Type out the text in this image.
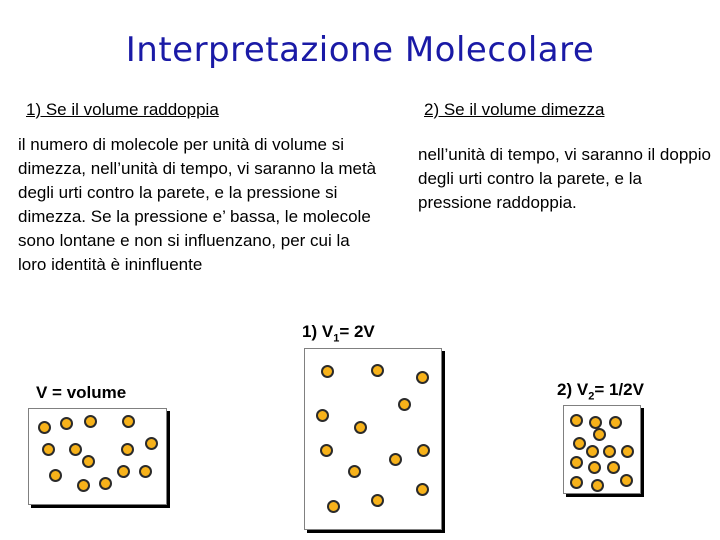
Interpretazione Molecolare
1) Se il volume raddoppia	2) Se il volume dimezza
il numero di molecole per unità di volume si dimezza, nell’unità di tempo, vi saranno la metà degli urti contro la parete, e la pressione si dimezza. Se la pressione e’ bassa, le molecole sono lontane e non si influenzano, per cui la loro identità è ininfluente
nell’unità di tempo, vi saranno il doppio degli urti contro la parete, e la pressione raddoppia.
1) $V_1= 2V$
V = volume	2) $V_2= 1/2V$
